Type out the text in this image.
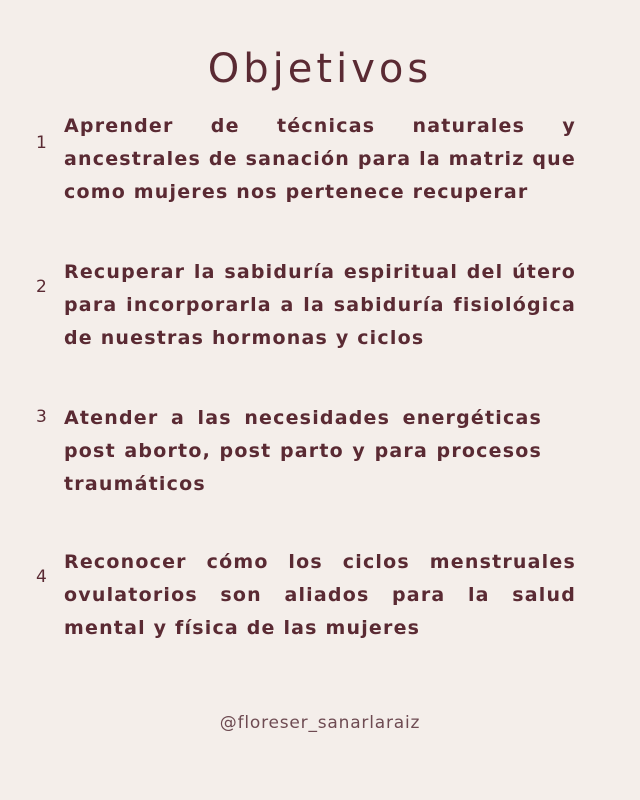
Objetivos
1

Aprender de técnicas naturales y ancestrales de sanación para la matriz que como mujeres nos pertenece recuperar

2

Recuperar la sabiduría espiritual del útero para incorporarla a la sabiduría fisiológica de nuestras hormonas y ciclos

3 Atender a las necesidades energéticas post aborto, post parto y para procesos traumáticos

4

Reconocer cómo los ciclos menstruales ovulatorios son aliados para la salud mental y física de las mujeres

@floreser_sanarlaraiz
